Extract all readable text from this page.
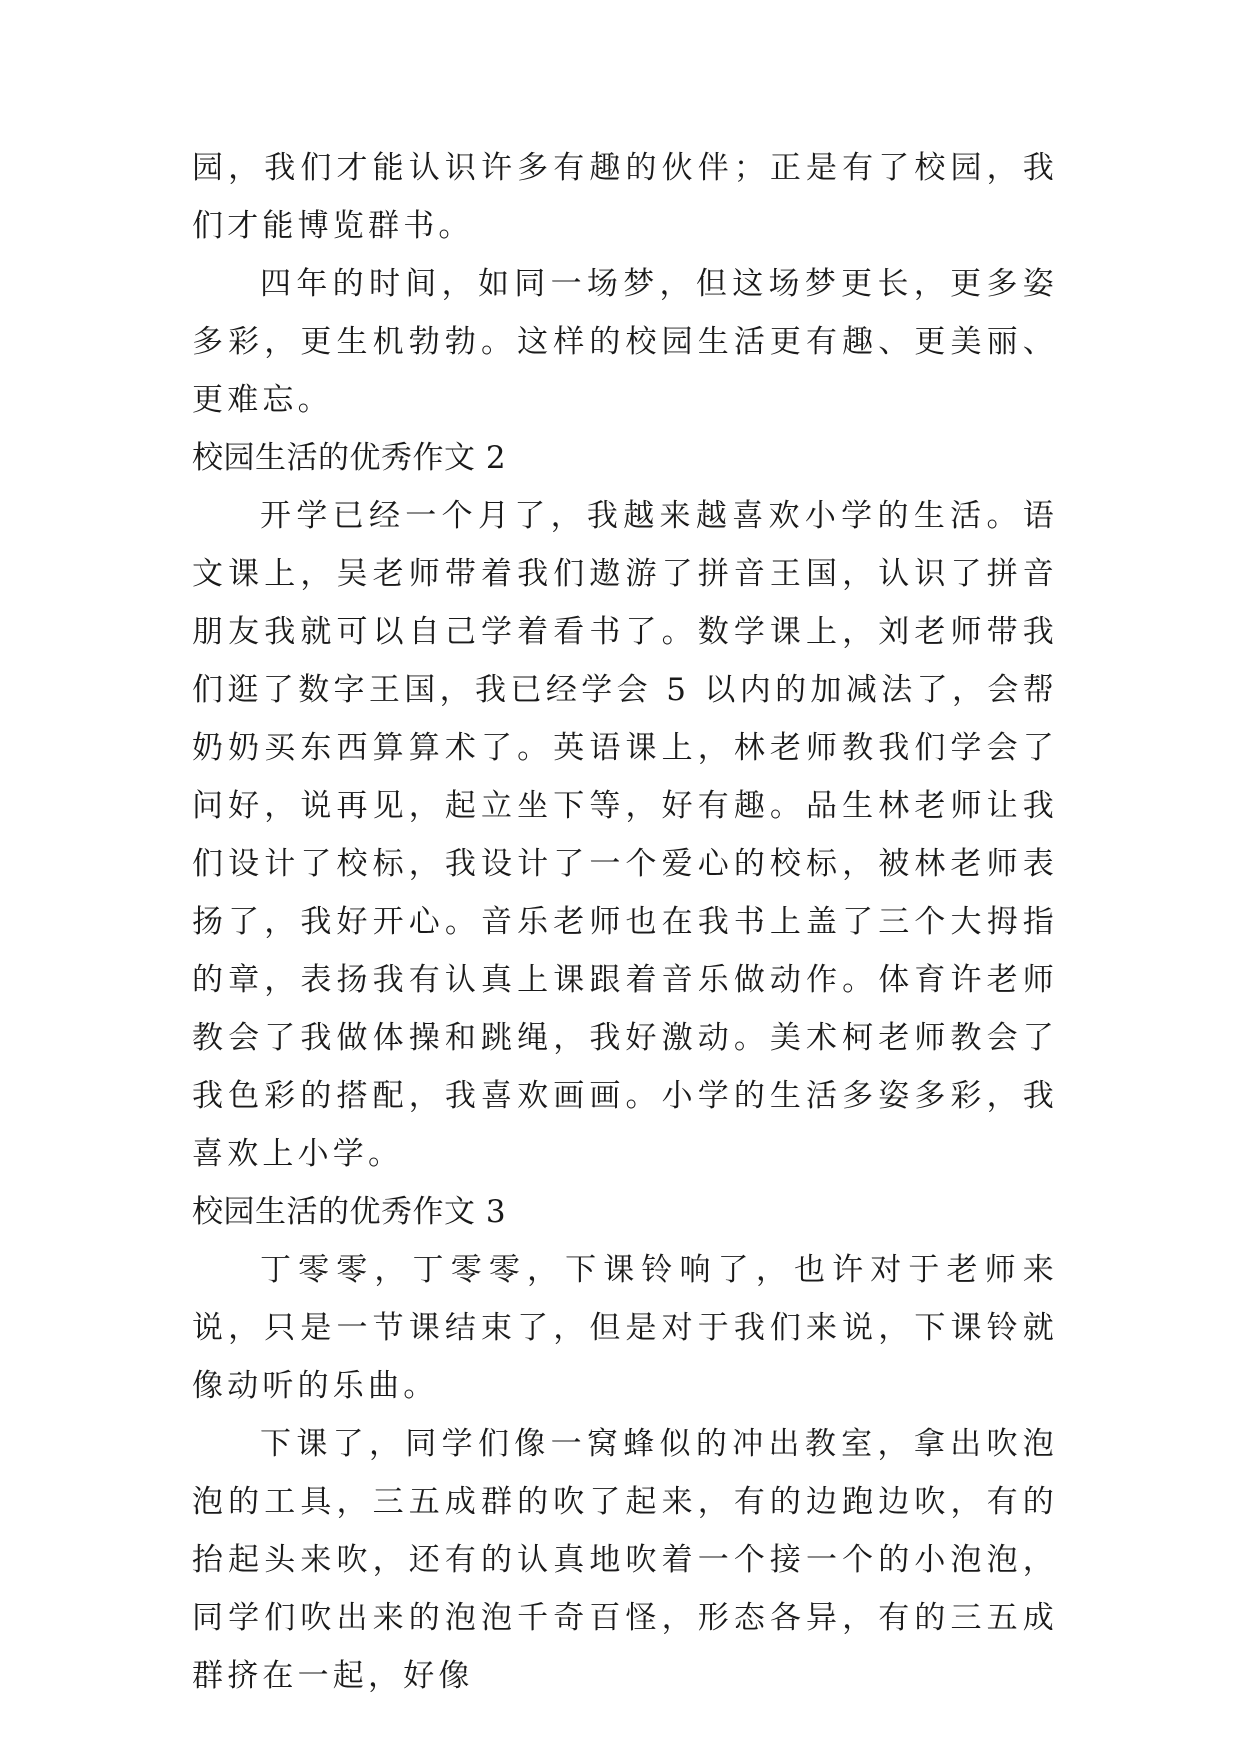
园，我们才能认识许多有趣的伙伴；正是有了校园，我们才能博览群书。

四年的时间，如同一场梦，但这场梦更长，更多姿多彩，更生机勃勃。这样的校园生活更有趣、更美丽、更难忘。

校园生活的优秀作文 2

开学已经一个月了，我越来越喜欢小学的生活。语文课上，吴老师带着我们遨游了拼音王国，认识了拼音朋友我就可以自己学着看书了。数学课上，刘老师带我们逛了数字王国，我已经学会 5 以内的加减法了，会帮奶奶买东西算算术了。英语课上，林老师教我们学会了问好，说再见，起立坐下等，好有趣。品生林老师让我们设计了校标，我设计了一个爱心的校标，被林老师表扬了，我好开心。音乐老师也在我书上盖了三个大拇指的章，表扬我有认真上课跟着音乐做动作。体育许老师教会了我做体操和跳绳，我好激动。美术柯老师教会了我色彩的搭配，我喜欢画画。小学的生活多姿多彩，我喜欢上小学。

校园生活的优秀作文 3

丁零零，丁零零，下课铃响了，也许对于老师来说，只是一节课结束了，但是对于我们来说，下课铃就像动听的乐曲。

下课了，同学们像一窝蜂似的冲出教室，拿出吹泡泡的工具，三五成群的吹了起来，有的边跑边吹，有的抬起头来吹，还有的认真地吹着一个接一个的小泡泡，同学们吹出来的泡泡千奇百怪，形态各异，有的三五成群挤在一起，好像
